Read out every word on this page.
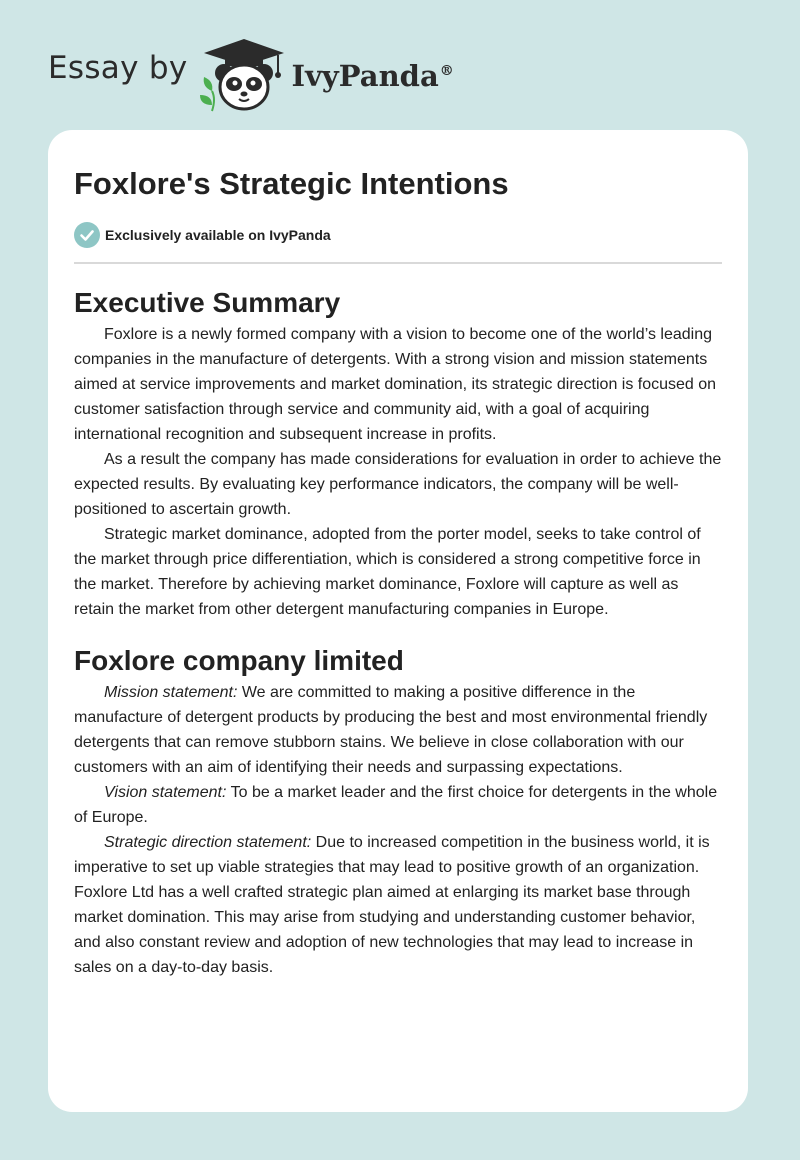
Essay by	IvyPanda®
Foxlore's Strategic Intentions
Exclusively available on IvyPanda
Executive Summary

Foxlore is a newly formed company with a vision to become one of the world’s leading companies in the manufacture of detergents. With a strong vision and mission statements aimed at service improvements and market domination, its strategic direction is focused on customer satisfaction through service and community aid, with a goal of acquiring international recognition and subsequent increase in profits.

As a result the company has made considerations for evaluation in order to achieve the expected results. By evaluating key performance indicators, the company will be well-positioned to ascertain growth.

Strategic market dominance, adopted from the porter model, seeks to take control of the market through price differentiation, which is considered a strong competitive force in the market. Therefore by achieving market dominance, Foxlore will capture as well as retain the market from other detergent manufacturing companies in Europe.

Foxlore company limited

Mission statement: We are committed to making a positive difference in the manufacture of detergent products by producing the best and most environmental friendly detergents that can remove stubborn stains. We believe in close collaboration with our customers with an aim of identifying their needs and surpassing expectations.

Vision statement: To be a market leader and the first choice for detergents in the whole of Europe.

Strategic direction statement: Due to increased competition in the business world, it is imperative to set up viable strategies that may lead to positive growth of an organization. Foxlore Ltd has a well crafted strategic plan aimed at enlarging its market base through market domination. This may arise from studying and understanding customer behavior, and also constant review and adoption of new technologies that may lead to increase in sales on a day-to-day basis.
